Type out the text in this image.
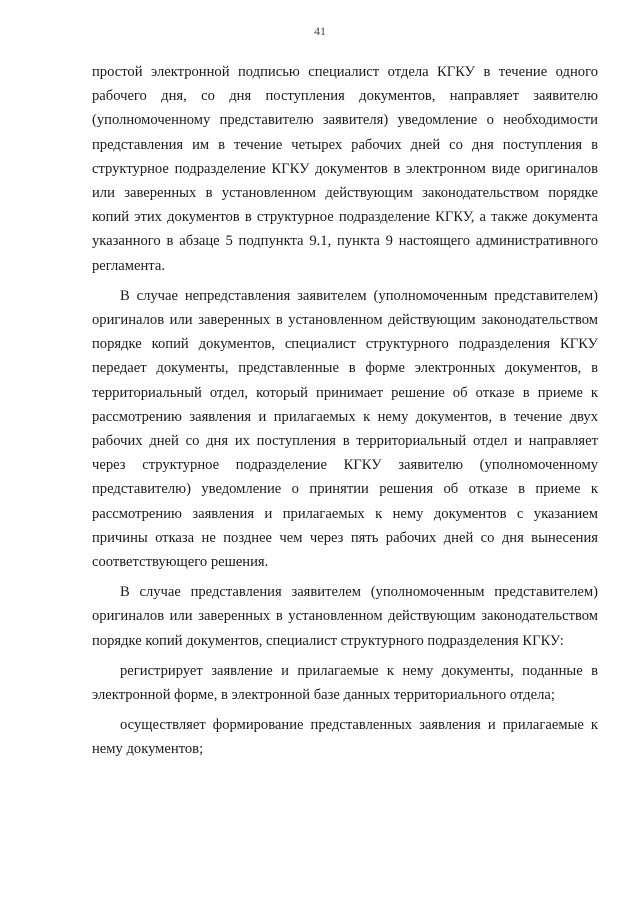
41

простой электронной подписью специалист отдела КГКУ в течение одного рабочего дня, со дня поступления документов, направляет заявителю (уполномоченному представителю заявителя) уведомление о необходимости представления им в течение четырех рабочих дней со дня поступления в структурное подразделение КГКУ документов в электронном виде оригиналов или заверенных в установленном действующим законодательством порядке копий этих документов в структурное подразделение КГКУ, а также документа указанного в абзаце 5 подпункта 9.1, пункта 9 настоящего административного регламента.

В случае непредставления заявителем (уполномоченным представителем) оригиналов или заверенных в установленном действующим законодательством порядке копий документов, специалист структурного подразделения КГКУ передает документы, представленные в форме электронных документов, в территориальный отдел, который принимает решение об отказе в приеме к рассмотрению заявления и прилагаемых к нему документов, в течение двух рабочих дней со дня их поступления в территориальный отдел и направляет через структурное подразделение КГКУ заявителю (уполномоченному представителю) уведомление о принятии решения об отказе в приеме к рассмотрению заявления и прилагаемых к нему документов с указанием причины отказа не позднее чем через пять рабочих дней со дня вынесения соответствующего решения.

В случае представления заявителем (уполномоченным представителем) оригиналов или заверенных в установленном действующим законодательством порядке копий документов, специалист структурного подразделения КГКУ:

регистрирует заявление и прилагаемые к нему документы, поданные в электронной форме, в электронной базе данных территориального отдела;

осуществляет формирование представленных заявления и прилагаемые к нему документов;
